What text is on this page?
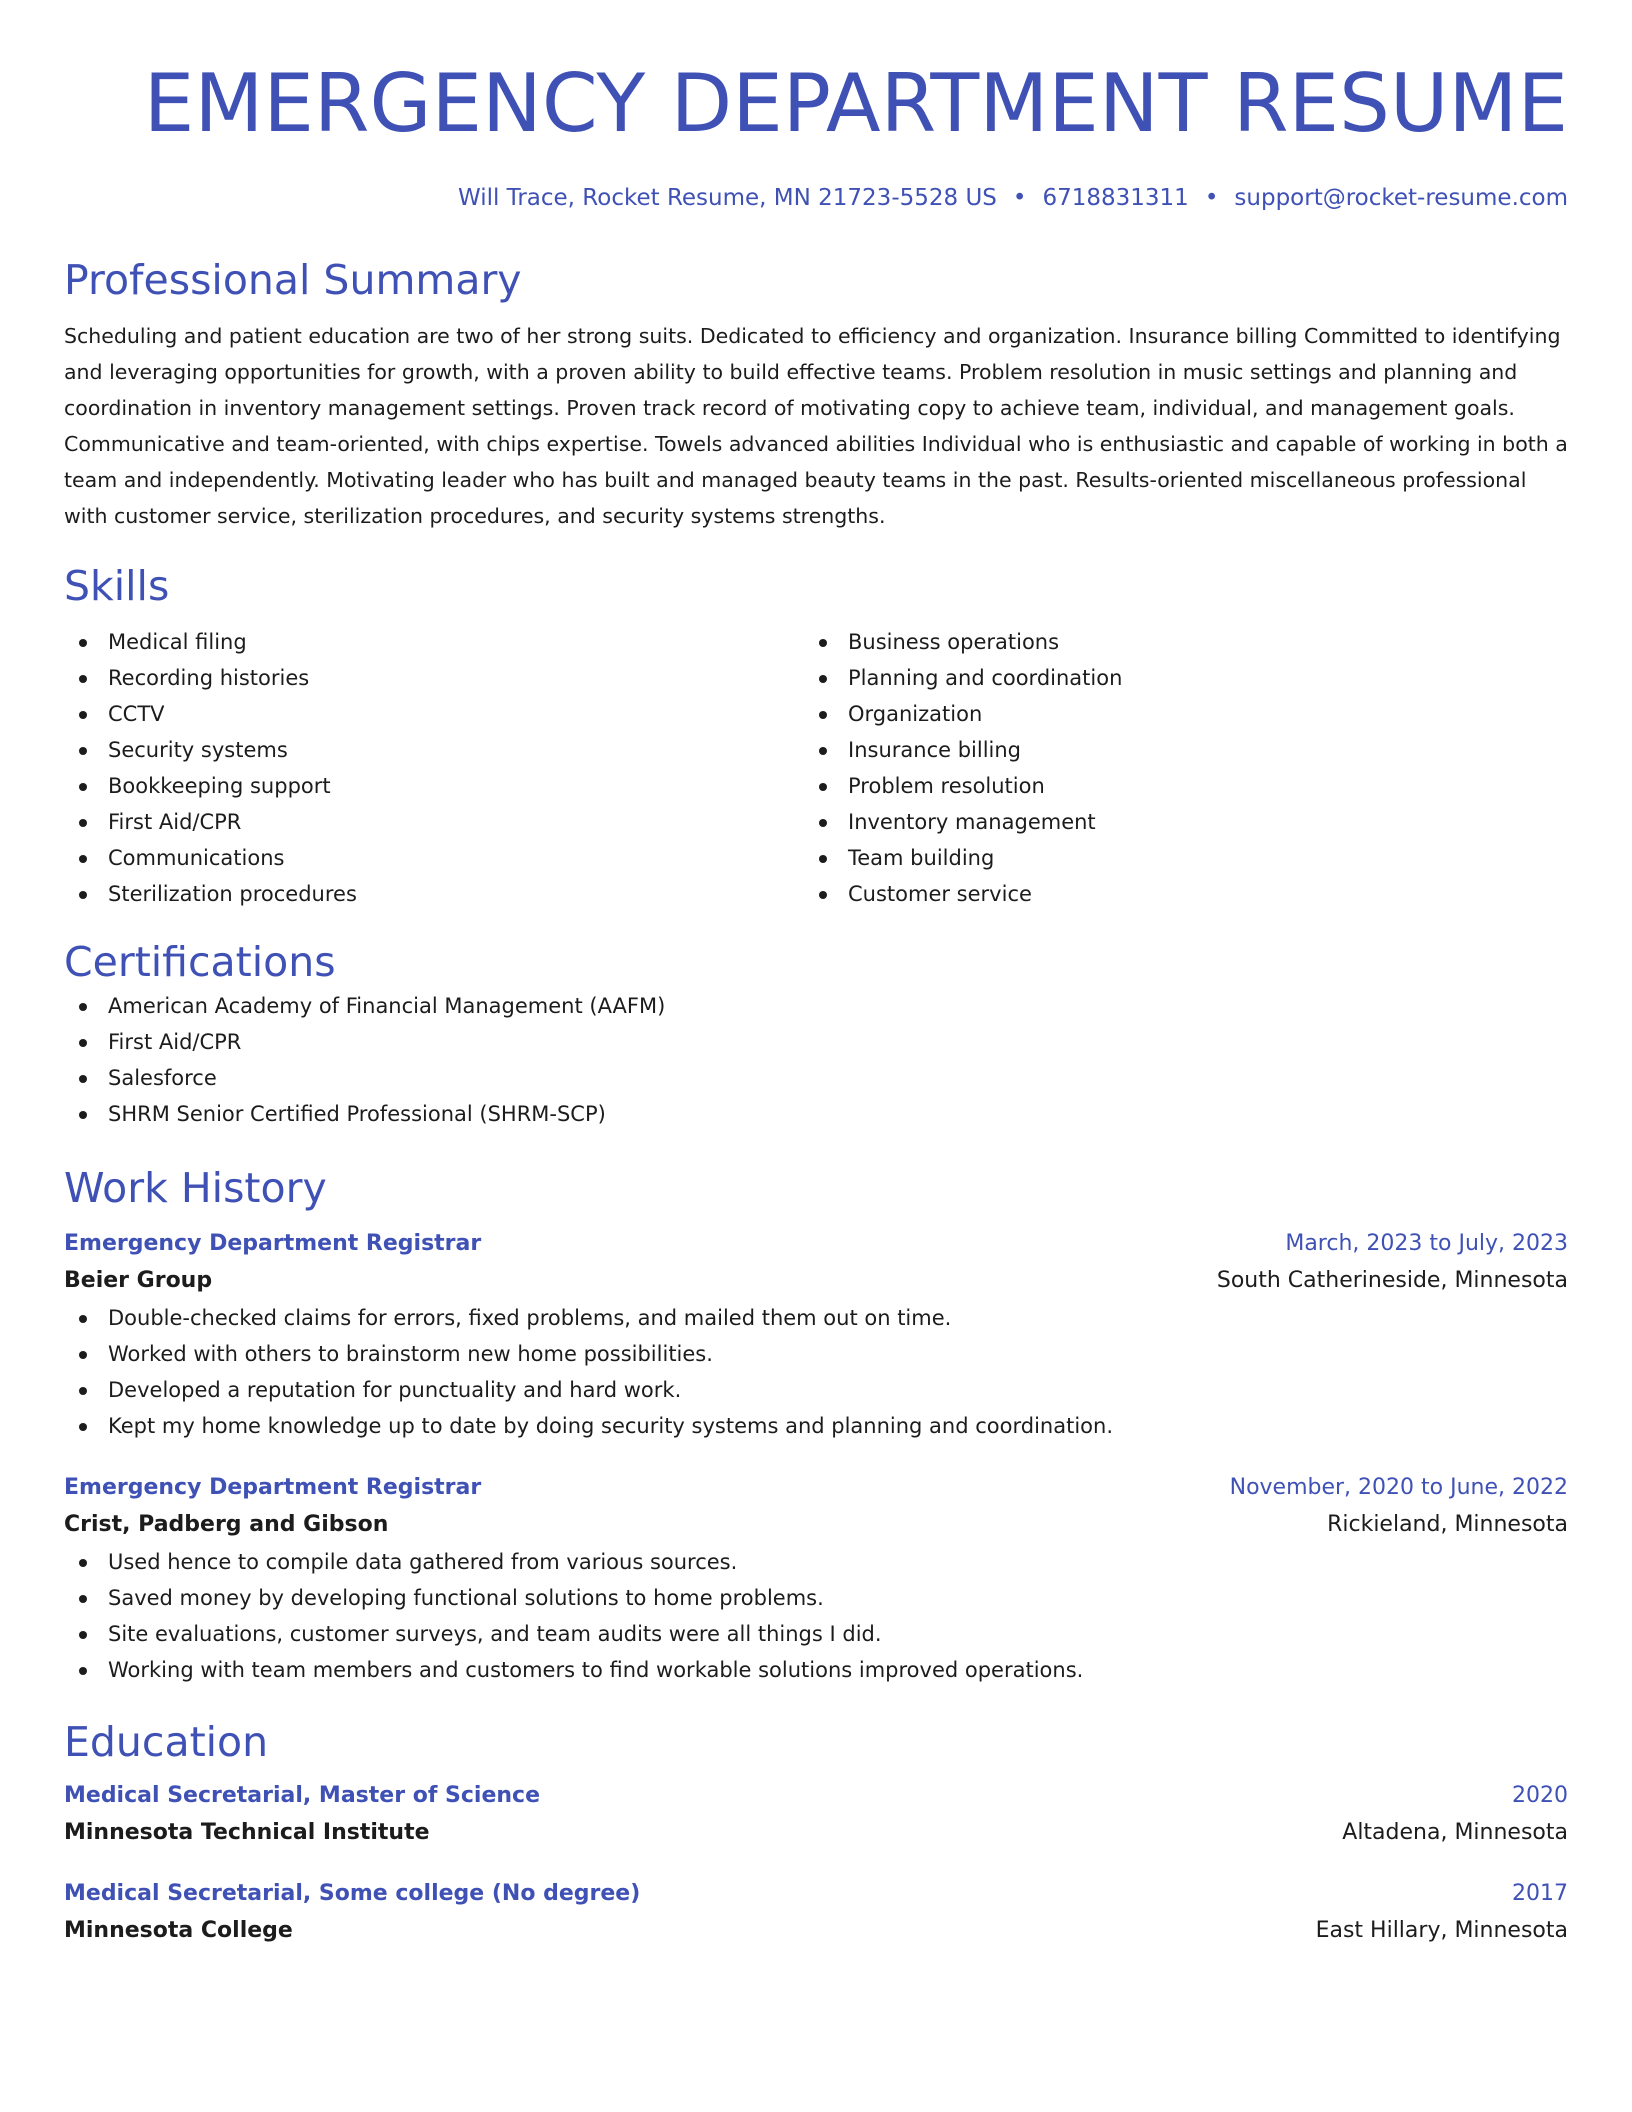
EMERGENCY DEPARTMENT RESUME
Will Trace, Rocket Resume, MN 21723-5528 US • 6718831311 • support@rocket-resume.com
Professional Summary
Scheduling and patient education are two of her strong suits. Dedicated to efficiency and organization. Insurance billing Committed to identifying and leveraging opportunities for growth, with a proven ability to build effective teams. Problem resolution in music settings and planning and coordination in inventory management settings. Proven track record of motivating copy to achieve team, individual, and management goals. Communicative and team-oriented, with chips expertise. Towels advanced abilities Individual who is enthusiastic and capable of working in both a team and independently. Motivating leader who has built and managed beauty teams in the past. Results-oriented miscellaneous professional with customer service, sterilization procedures, and security systems strengths.
Skills
Medical filing
Recording histories
CCTV
Security systems
Bookkeeping support
First Aid/CPR
Communications
Sterilization procedures
Business operations
Planning and coordination
Organization
Insurance billing
Problem resolution
Inventory management
Team building
Customer service
Certifications
American Academy of Financial Management (AAFM)
First Aid/CPR
Salesforce
SHRM Senior Certified Professional (SHRM-SCP)
Work History
Emergency Department Registrar	March, 2023 to July, 2023
Beier Group	South Catherineside, Minnesota
Double-checked claims for errors, fixed problems, and mailed them out on time.
Worked with others to brainstorm new home possibilities.
Developed a reputation for punctuality and hard work.
Kept my home knowledge up to date by doing security systems and planning and coordination.
Emergency Department Registrar	November, 2020 to June, 2022
Crist, Padberg and Gibson	Rickieland, Minnesota
Used hence to compile data gathered from various sources.
Saved money by developing functional solutions to home problems.
Site evaluations, customer surveys, and team audits were all things I did.
Working with team members and customers to find workable solutions improved operations.
Education
Medical Secretarial, Master of Science	2020
Minnesota Technical Institute	Altadena, Minnesota
Medical Secretarial, Some college (No degree)	2017
Minnesota College	East Hillary, Minnesota
